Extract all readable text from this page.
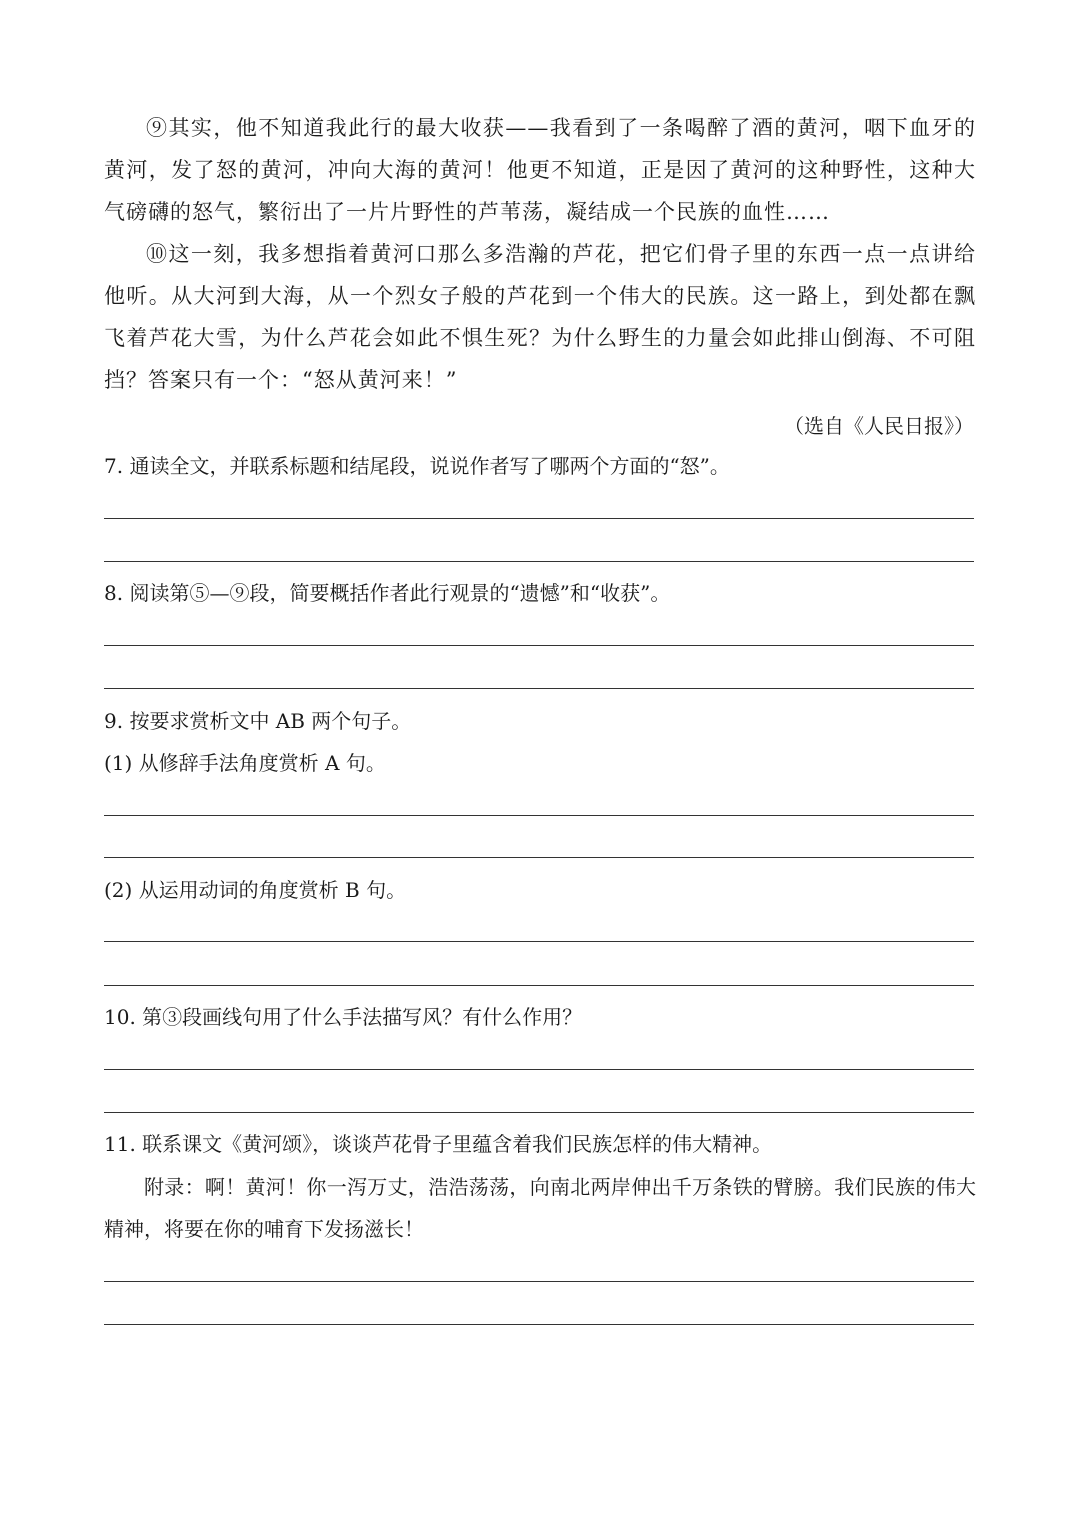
⑨其实，他不知道我此行的最大收获——我看到了一条喝醉了酒的黄河，咽下血牙的黄河，发了怒的黄河，冲向大海的黄河！他更不知道，正是因了黄河的这种野性，这种大气磅礴的怒气，繁衍出了一片片野性的芦苇荡，凝结成一个民族的血性……

⑩这一刻，我多想指着黄河口那么多浩瀚的芦花，把它们骨子里的东西一点一点讲给他听。从大河到大海，从一个烈女子般的芦花到一个伟大的民族。这一路上，到处都在飘飞着芦花大雪，为什么芦花会如此不惧生死？为什么野生的力量会如此排山倒海、不可阻挡？答案只有一个：“怒从黄河来！”

（选自《人民日报》）

7. 通读全文，并联系标题和结尾段，说说作者写了哪两个方面的“怒”。

8. 阅读第⑤—⑨段，简要概括作者此行观景的“遗憾”和“收获”。

9. 按要求赏析文中 AB 两个句子。

(1) 从修辞手法角度赏析 A 句。

(2) 从运用动词的角度赏析 B 句。

10. 第③段画线句用了什么手法描写风？有什么作用？

11. 联系课文《黄河颂》，谈谈芦花骨子里蕴含着我们民族怎样的伟大精神。

附录：啊！黄河！你一泻万丈，浩浩荡荡，向南北两岸伸出千万条铁的臂膀。我们民族的伟大精神，将要在你的哺育下发扬滋长！
